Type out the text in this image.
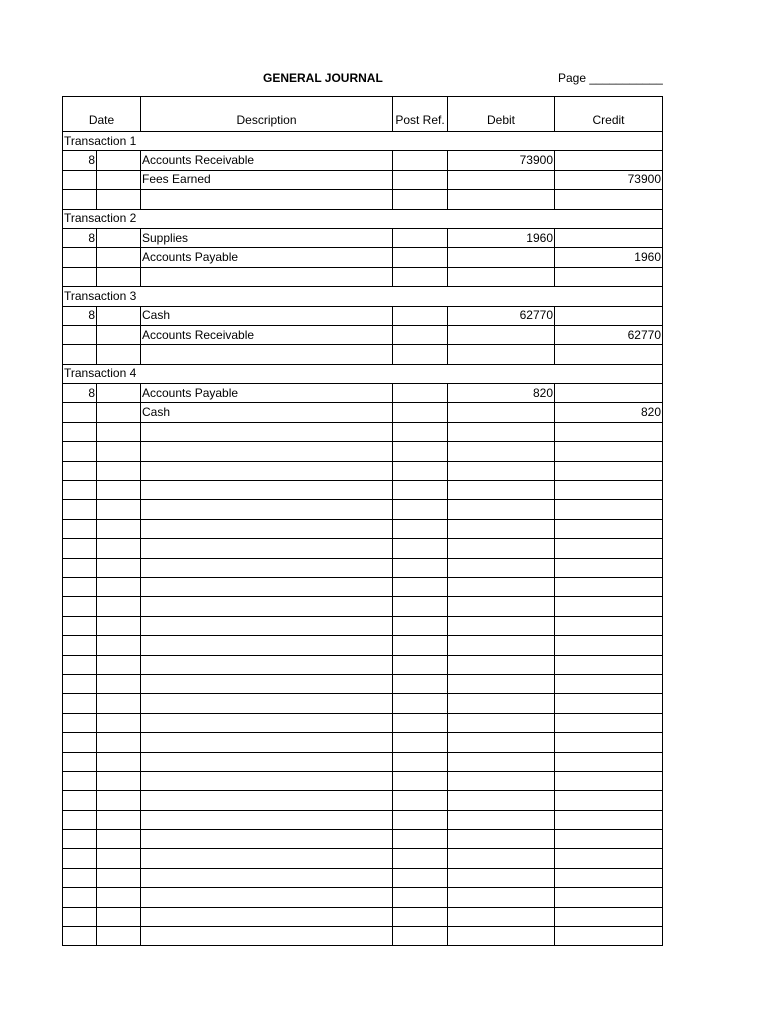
GENERAL JOURNAL	Page ___________
Date		Description	Post Ref.	Debit	Credit
Transaction 1					
8		Accounts Receivable		73900	
		Fees Earned			73900

Transaction 2					
8		Supplies		1960	
		Accounts Payable			1960

Transaction 3					
8		Cash		62770	
		Accounts Receivable			62770

Transaction 4					
8		Accounts Payable		820	
		Cash			820
